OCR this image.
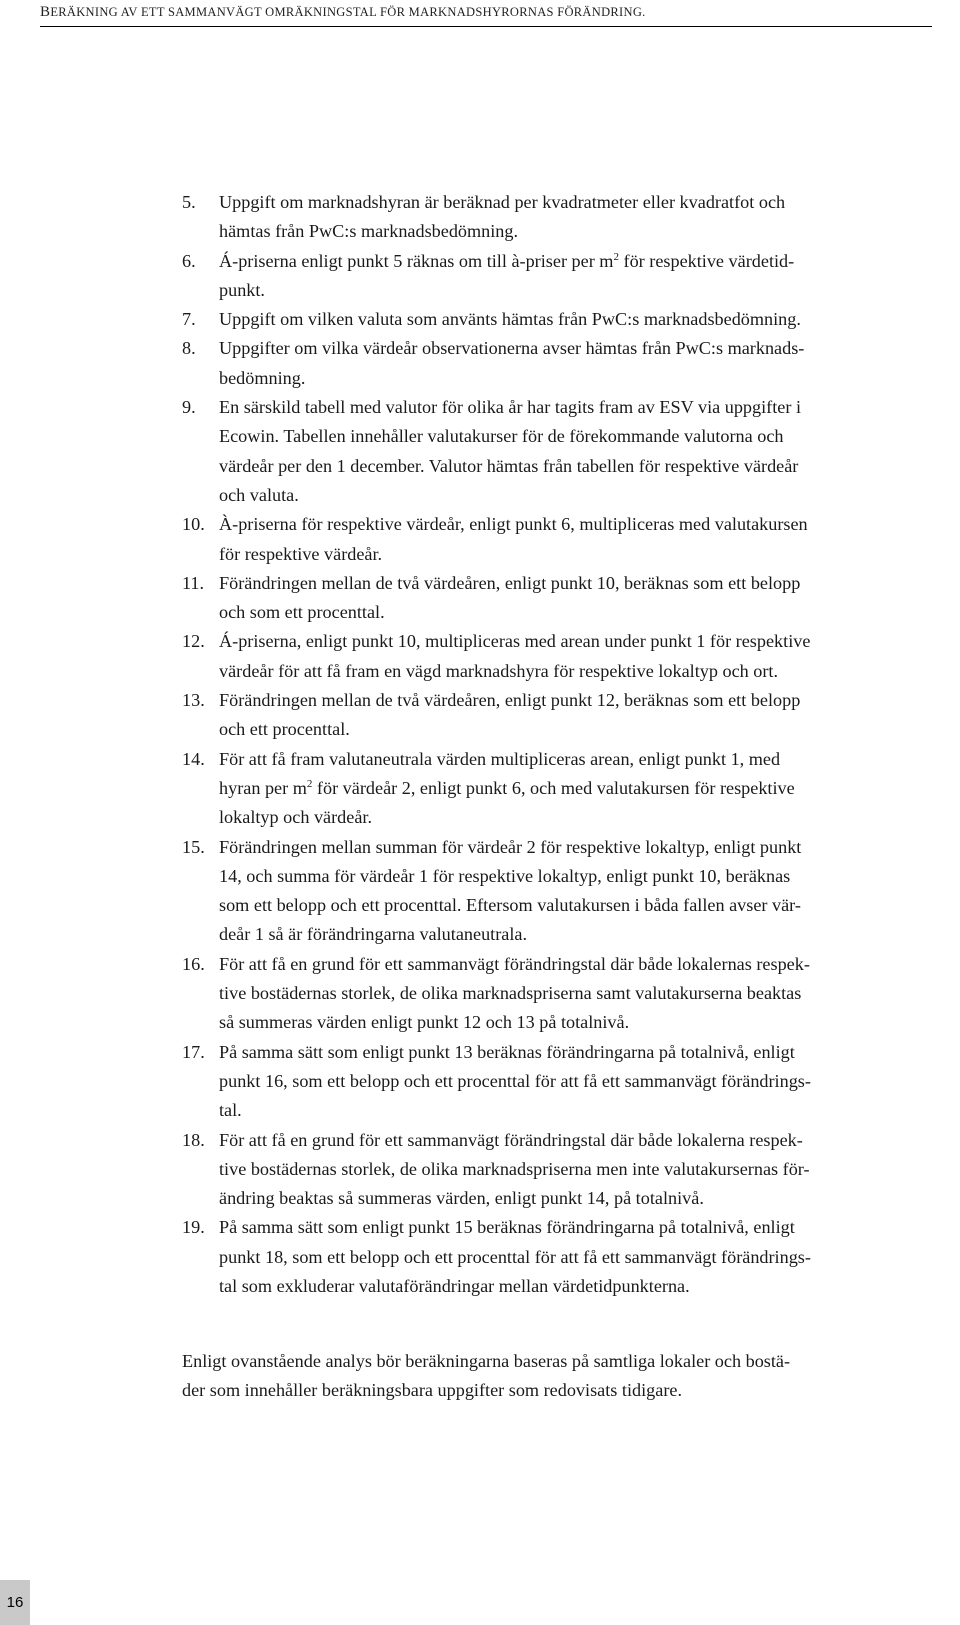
BERÄKNING AV ETT SAMMANVÄGT OMRÄKNINGSTAL FÖR MARKNADSHYRORNAS FÖRÄNDRING.
5. Uppgift om marknadshyran är beräknad per kvadratmeter eller kvadratfot och
hämtas från PwC:s marknadsbedömning.
6. Á-priserna enligt punkt 5 räknas om till à-priser per $m^2$ för respektive värdetid-
punkt.
7. Uppgift om vilken valuta som använts hämtas från PwC:s marknadsbedömning.
8. Uppgifter om vilka värdeår observationerna avser hämtas från PwC:s marknads-
bedömning.
9. En särskild tabell med valutor för olika år har tagits fram av ESV via uppgifter i
Ecowin. Tabellen innehåller valutakurser för de förekommande valutorna och
värdeår per den 1 december. Valutor hämtas från tabellen för respektive värdeår
och valuta.
10. À-priserna för respektive värdeår, enligt punkt 6, multipliceras med valutakursen
för respektive värdeår.
11. Förändringen mellan de två värdeåren, enligt punkt 10, beräknas som ett belopp
och som ett procenttal.
12. Á-priserna, enligt punkt 10, multipliceras med arean under punkt 1 för respektive
värdeår för att få fram en vägd marknadshyra för respektive lokaltyp och ort.
13. Förändringen mellan de två värdeåren, enligt punkt 12, beräknas som ett belopp
och ett procenttal.
14. För att få fram valutaneutrala värden multipliceras arean, enligt punkt 1, med
hyran per $m^2$ för värdeår 2, enligt punkt 6, och med valutakursen för respektive
lokaltyp och värdeår.
15. Förändringen mellan summan för värdeår 2 för respektive lokaltyp, enligt punkt
14, och summa för värdeår 1 för respektive lokaltyp, enligt punkt 10, beräknas
som ett belopp och ett procenttal. Eftersom valutakursen i båda fallen avser vär-
deår 1 så är förändringarna valutaneutrala.
16. För att få en grund för ett sammanvägt förändringstal där både lokalernas respek-
tive bostädernas storlek, de olika marknadspriserna samt valutakurserna beaktas
så summeras värden enligt punkt 12 och 13 på totalnivå.
17. På samma sätt som enligt punkt 13 beräknas förändringarna på totalnivå, enligt
punkt 16, som ett belopp och ett procenttal för att få ett sammanvägt förändrings-
tal.
18. För att få en grund för ett sammanvägt förändringstal där både lokalerna respek-
tive bostädernas storlek, de olika marknadspriserna men inte valutakursernas för-
ändring beaktas så summeras värden, enligt punkt 14, på totalnivå.
19. På samma sätt som enligt punkt 15 beräknas förändringarna på totalnivå, enligt
punkt 18, som ett belopp och ett procenttal för att få ett sammanvägt förändrings-
tal som exkluderar valutaförändringar mellan värdetidpunkterna.

Enligt ovanstående analys bör beräkningarna baseras på samtliga lokaler och bostä-
der som innehåller beräkningsbara uppgifter som redovisats tidigare.

16
